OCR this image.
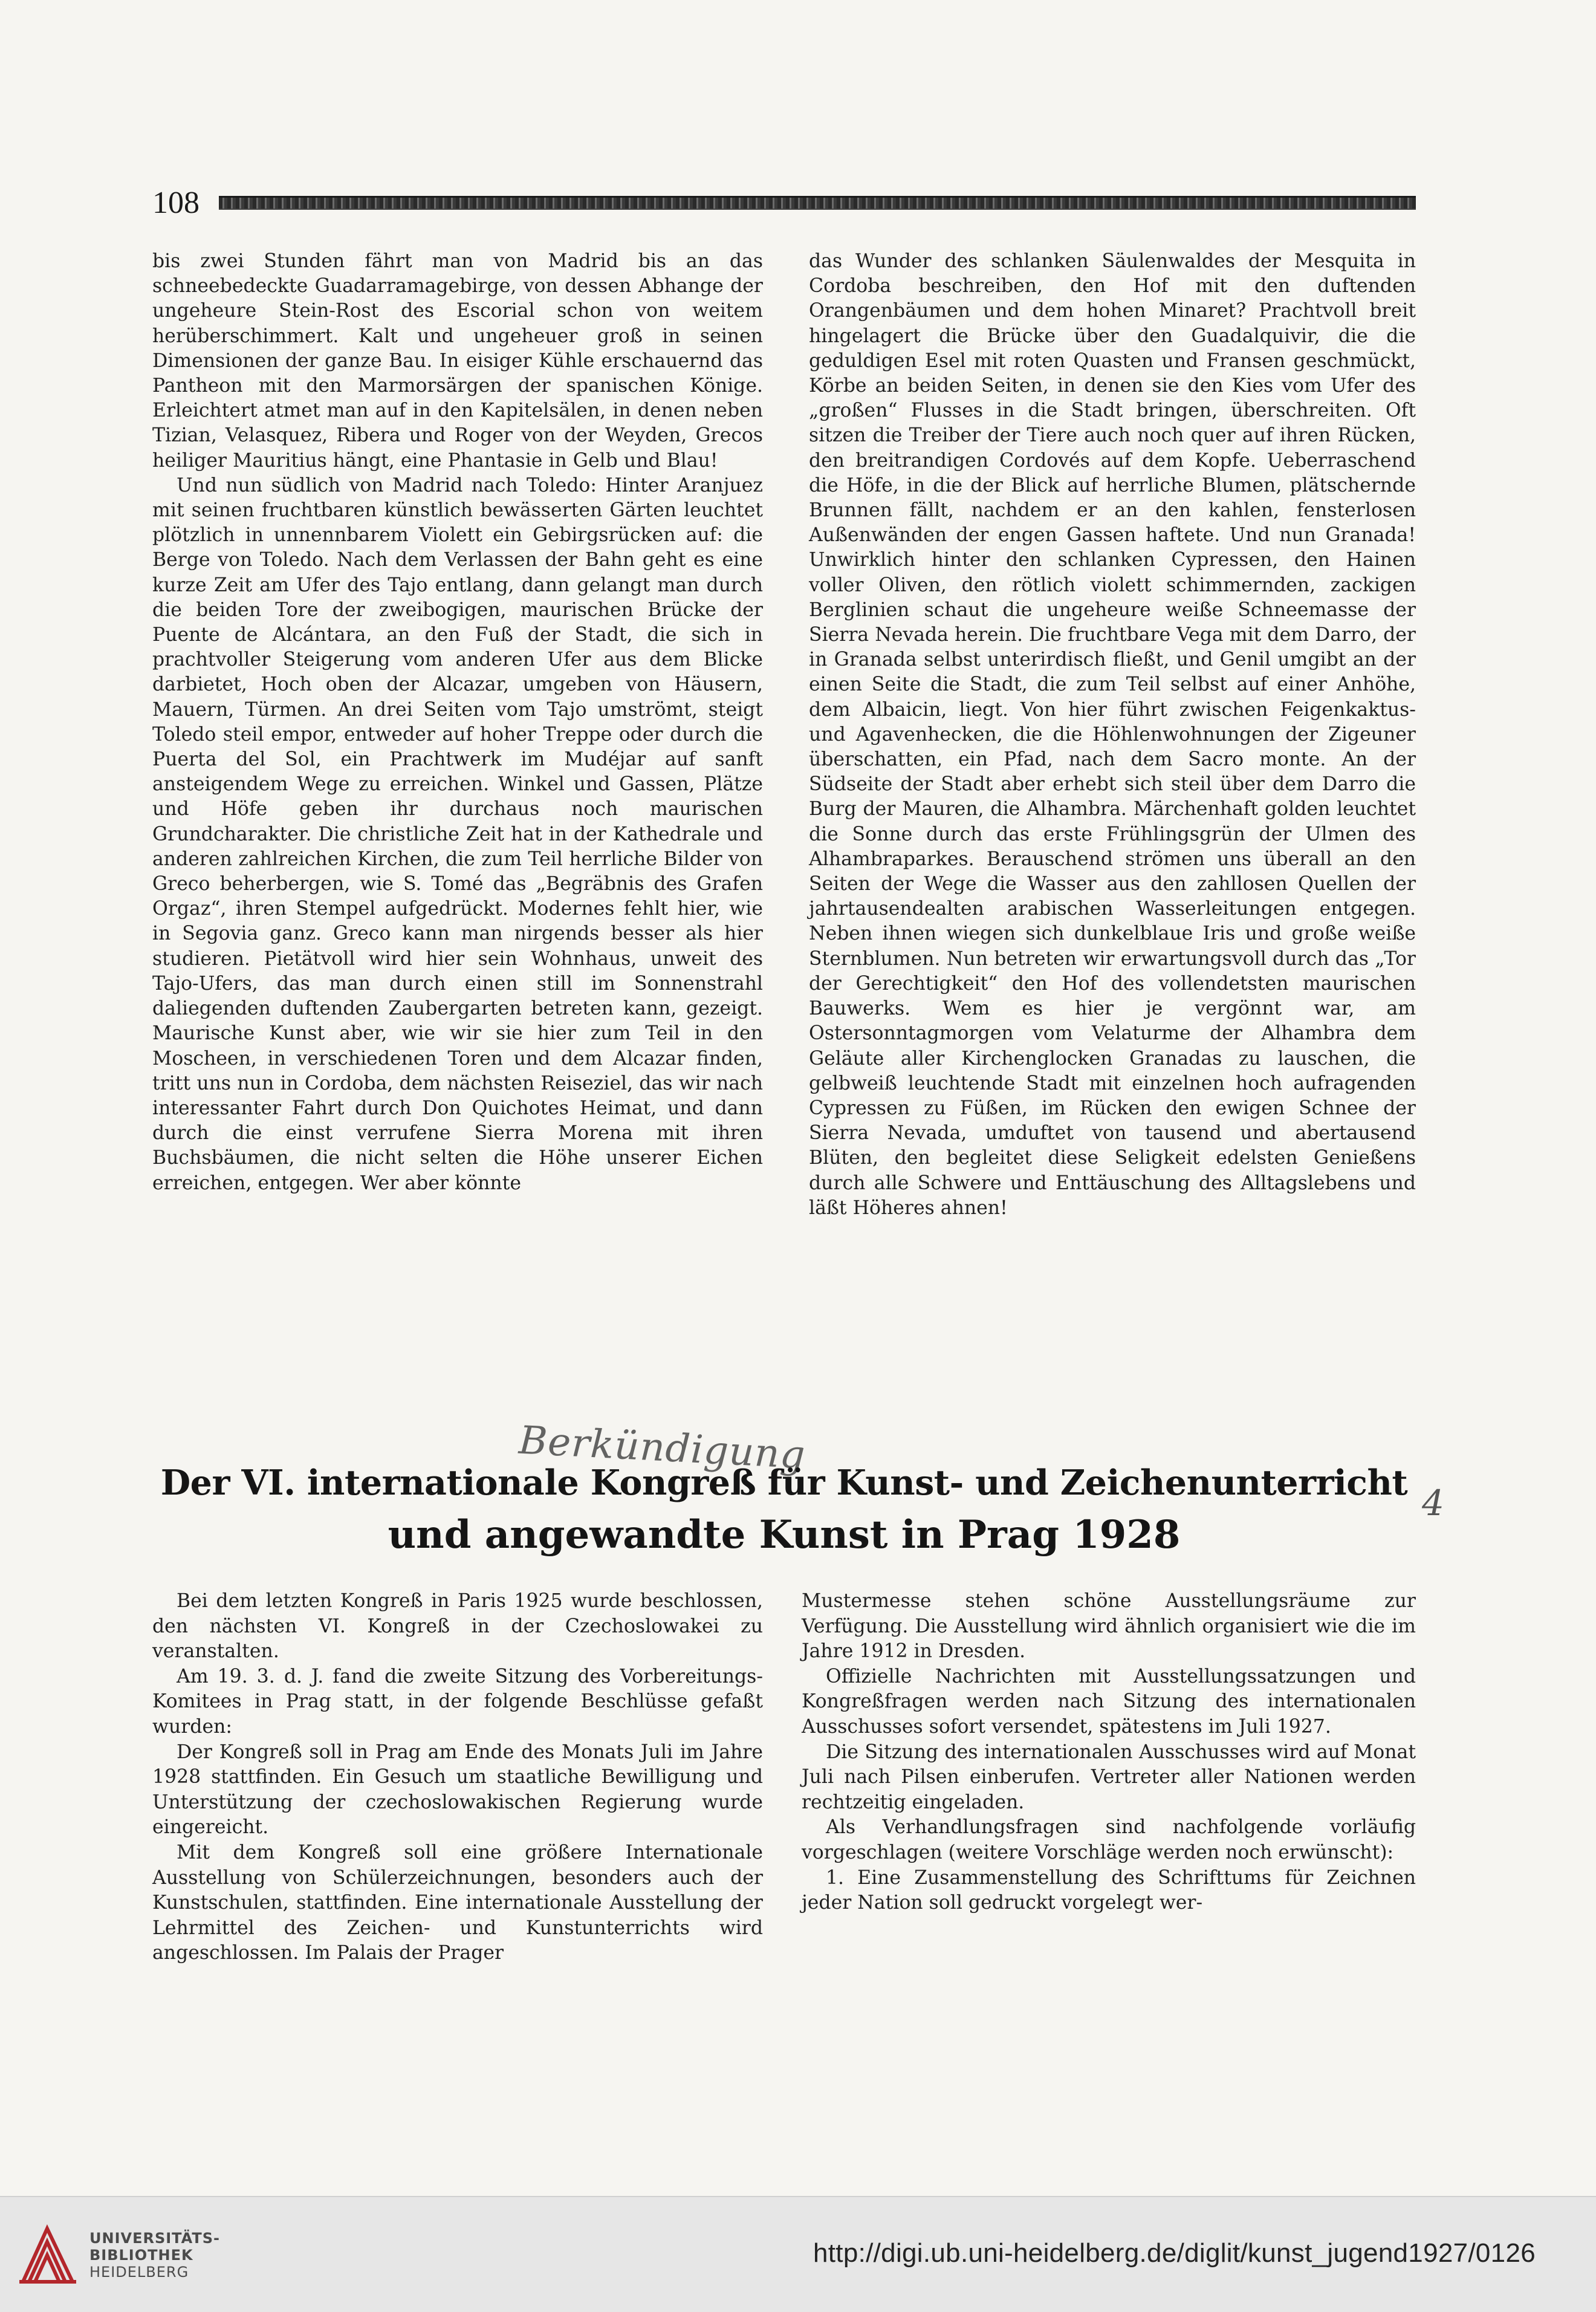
108

bis zwei Stunden fährt man von Madrid bis an das schneebedeckte Guadarramagebirge, von dessen Abhange der ungeheure Stein-Rost des Escorial schon von weitem herüberschimmert. Kalt und ungeheuer groß in seinen Dimensionen der ganze Bau. In eisiger Kühle erschauernd das Pantheon mit den Marmorsärgen der spanischen Könige. Erleichtert atmet man auf in den Kapitelsälen, in denen neben Tizian, Velasquez, Ribera und Roger von der Weyden, Grecos heiliger Mauritius hängt, eine Phantasie in Gelb und Blau!

Und nun südlich von Madrid nach Toledo: Hinter Aranjuez mit seinen fruchtbaren künstlich bewässerten Gärten leuchtet plötzlich in unnennbarem Violett ein Gebirgsrücken auf: die Berge von Toledo. Nach dem Verlassen der Bahn geht es eine kurze Zeit am Ufer des Tajo entlang, dann gelangt man durch die beiden Tore der zweibogigen, maurischen Brücke der Puente de Alcántara, an den Fuß der Stadt, die sich in prachtvoller Steigerung vom anderen Ufer aus dem Blicke darbietet, Hoch oben der Alcazar, umgeben von Häusern, Mauern, Türmen. An drei Seiten vom Tajo umströmt, steigt Toledo steil empor, entweder auf hoher Treppe oder durch die Puerta del Sol, ein Prachtwerk im Mudéjar auf sanft ansteigendem Wege zu erreichen. Winkel und Gassen, Plätze und Höfe geben ihr durchaus noch maurischen Grundcharakter. Die christliche Zeit hat in der Kathedrale und anderen zahlreichen Kirchen, die zum Teil herrliche Bilder von Greco beherbergen, wie S. Tomé das „Begräbnis des Grafen Orgaz“, ihren Stempel aufgedrückt. Modernes fehlt hier, wie in Segovia ganz. Greco kann man nirgends besser als hier studieren. Pietätvoll wird hier sein Wohnhaus, unweit des Tajo-Ufers, das man durch einen still im Sonnenstrahl daliegenden duftenden Zaubergarten betreten kann, gezeigt. Maurische Kunst aber, wie wir sie hier zum Teil in den Moscheen, in verschiedenen Toren und dem Alcazar finden, tritt uns nun in Cordoba, dem nächsten Reiseziel, das wir nach interessanter Fahrt durch Don Quichotes Heimat, und dann durch die einst verrufene Sierra Morena mit ihren Buchsbäumen, die nicht selten die Höhe unserer Eichen erreichen, entgegen. Wer aber könnte

das Wunder des schlanken Säulenwaldes der Mesquita in Cordoba beschreiben, den Hof mit den duftenden Orangenbäumen und dem hohen Minaret? Prachtvoll breit hingelagert die Brücke über den Guadalquivir, die die geduldigen Esel mit roten Quasten und Fransen geschmückt, Körbe an beiden Seiten, in denen sie den Kies vom Ufer des „großen“ Flusses in die Stadt bringen, überschreiten. Oft sitzen die Treiber der Tiere auch noch quer auf ihren Rücken, den breitrandigen Cordovés auf dem Kopfe. Ueberraschend die Höfe, in die der Blick auf herrliche Blumen, plätschernde Brunnen fällt, nachdem er an den kahlen, fensterlosen Außenwänden der engen Gassen haftete. Und nun Granada! Unwirklich hinter den schlanken Cypressen, den Hainen voller Oliven, den rötlich violett schimmernden, zackigen Berglinien schaut die ungeheure weiße Schneemasse der Sierra Nevada herein. Die fruchtbare Vega mit dem Darro, der in Granada selbst unterirdisch fließt, und Genil umgibt an der einen Seite die Stadt, die zum Teil selbst auf einer Anhöhe, dem Albaicin, liegt. Von hier führt zwischen Feigenkaktus- und Agavenhecken, die die Höhlenwohnungen der Zigeuner überschatten, ein Pfad, nach dem Sacro monte. An der Südseite der Stadt aber erhebt sich steil über dem Darro die Burg der Mauren, die Alhambra. Märchenhaft golden leuchtet die Sonne durch das erste Frühlingsgrün der Ulmen des Alhambraparkes. Berauschend strömen uns überall an den Seiten der Wege die Wasser aus den zahllosen Quellen der jahrtausendealten arabischen Wasserleitungen entgegen. Neben ihnen wiegen sich dunkelblaue Iris und große weiße Sternblumen. Nun betreten wir erwartungsvoll durch das „Tor der Gerechtigkeit“ den Hof des vollendetsten maurischen Bauwerks. Wem es hier je vergönnt war, am Ostersonntagmorgen vom Velaturme der Alhambra dem Geläute aller Kirchenglocken Granadas zu lauschen, die gelbweiß leuchtende Stadt mit einzelnen hoch aufragenden Cypressen zu Füßen, im Rücken den ewigen Schnee der Sierra Nevada, umduftet von tausend und abertausend Blüten, den begleitet diese Seligkeit edelsten Genießens durch alle Schwere und Enttäuschung des Alltagslebens und läßt Höheres ahnen!

Berkündigung
Der VI. internationale Kongreß für Kunst- und Zeichenunterricht
und angewandte Kunst in Prag 1928
4

Bei dem letzten Kongreß in Paris 1925 wurde beschlossen, den nächsten VI. Kongreß in der Czechoslowakei zu veranstalten.

Am 19. 3. d. J. fand die zweite Sitzung des Vorbereitungs-Komitees in Prag statt, in der folgende Beschlüsse gefaßt wurden:

Der Kongreß soll in Prag am Ende des Monats Juli im Jahre 1928 stattfinden. Ein Gesuch um staatliche Bewilligung und Unterstützung der czechoslowakischen Regierung wurde eingereicht.

Mit dem Kongreß soll eine größere Internationale Ausstellung von Schülerzeichnungen, besonders auch der Kunstschulen, stattfinden. Eine internationale Ausstellung der Lehrmittel des Zeichen- und Kunstunterrichts wird angeschlossen. Im Palais der Prager

Mustermesse stehen schöne Ausstellungsräume zur Verfügung. Die Ausstellung wird ähnlich organisiert wie die im Jahre 1912 in Dresden.

Offizielle Nachrichten mit Ausstellungssatzungen und Kongreßfragen werden nach Sitzung des internationalen Ausschusses sofort versendet, spätestens im Juli 1927.

Die Sitzung des internationalen Ausschusses wird auf Monat Juli nach Pilsen einberufen. Vertreter aller Nationen werden rechtzeitig eingeladen.

Als Verhandlungsfragen sind nachfolgende vorläufig vorgeschlagen (weitere Vorschläge werden noch erwünscht):

1. Eine Zusammenstellung des Schrifttums für Zeichnen jeder Nation soll gedruckt vorgelegt wer-

UNIVERSITÄTS-
BIBLIOTHEK
HEIDELBERG
http://digi.ub.uni-heidelberg.de/diglit/kunst_jugend1927/0126
